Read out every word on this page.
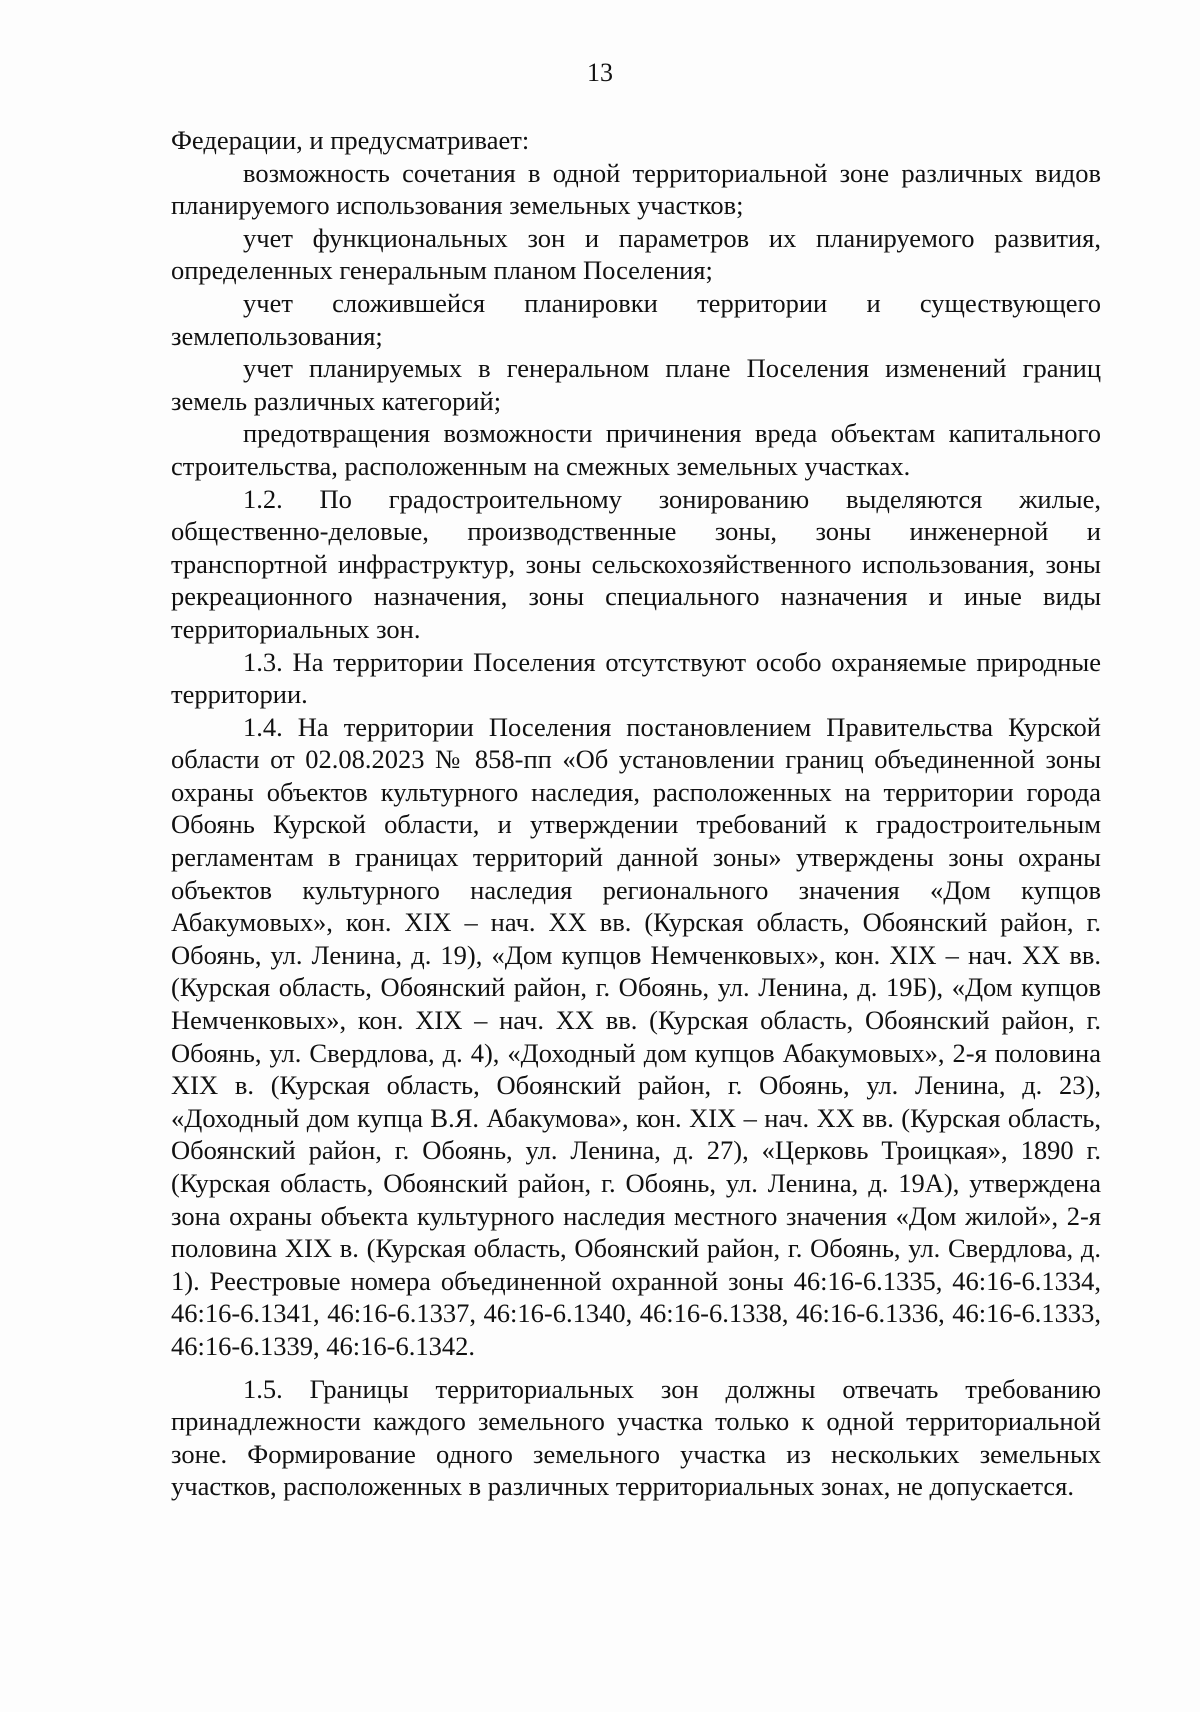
13

Федерации, и предусматривает:

возможность сочетания в одной территориальной зоне различных видов планируемого использования земельных участков;

учет функциональных зон и параметров их планируемого развития, определенных генеральным планом Поселения;

учет сложившейся планировки территории и существующего землепользования;

учет планируемых в генеральном плане Поселения изменений границ земель различных категорий;

предотвращения возможности причинения вреда объектам капитального строительства, расположенным на смежных земельных участках.

1.2. По градостроительному зонированию выделяются жилые, общественно-деловые, производственные зоны, зоны инженерной и транспортной инфраструктур, зоны сельскохозяйственного использования, зоны рекреационного назначения, зоны специального назначения и иные виды территориальных зон.

1.3. На территории Поселения отсутствуют особо охраняемые природные территории.

1.4. На территории Поселения постановлением Правительства Курской области от 02.08.2023 № 858-пп «Об установлении границ объединенной зоны охраны объектов культурного наследия, расположенных на территории города Обоянь Курской области, и утверждении требований к градостроительным регламентам в границах территорий данной зоны» утверждены зоны охраны объектов культурного наследия регионального значения «Дом купцов Абакумовых», кон. XIX – нач. XX вв. (Курская область, Обоянский район, г. Обоянь, ул. Ленина, д. 19), «Дом купцов Немченковых», кон. XIX – нач. XX вв. (Курская область, Обоянский район, г. Обоянь, ул. Ленина, д. 19Б), «Дом купцов Немченковых», кон. XIX – нач. XX вв. (Курская область, Обоянский район, г. Обоянь, ул. Свердлова, д. 4), «Доходный дом купцов Абакумовых», 2-я половина XIX в. (Курская область, Обоянский район, г. Обоянь, ул. Ленина, д. 23), «Доходный дом купца В.Я. Абакумова», кон. XIX – нач. XX вв. (Курская область, Обоянский район, г. Обоянь, ул. Ленина, д. 27), «Церковь Троицкая», 1890 г. (Курская область, Обоянский район, г. Обоянь, ул. Ленина, д. 19А), утверждена зона охраны объекта культурного наследия местного значения «Дом жилой», 2-я половина XIX в. (Курская область, Обоянский район, г. Обоянь, ул. Свердлова, д. 1). Реестровые номера объединенной охранной зоны 46:16-6.1335, 46:16-6.1334, 46:16-6.1341, 46:16-6.1337, 46:16-6.1340, 46:16-6.1338, 46:16-6.1336, 46:16-6.1333, 46:16-6.1339, 46:16-6.1342.

1.5. Границы территориальных зон должны отвечать требованию принадлежности каждого земельного участка только к одной территориальной зоне. Формирование одного земельного участка из нескольких земельных участков, расположенных в различных территориальных зонах, не допускается.
